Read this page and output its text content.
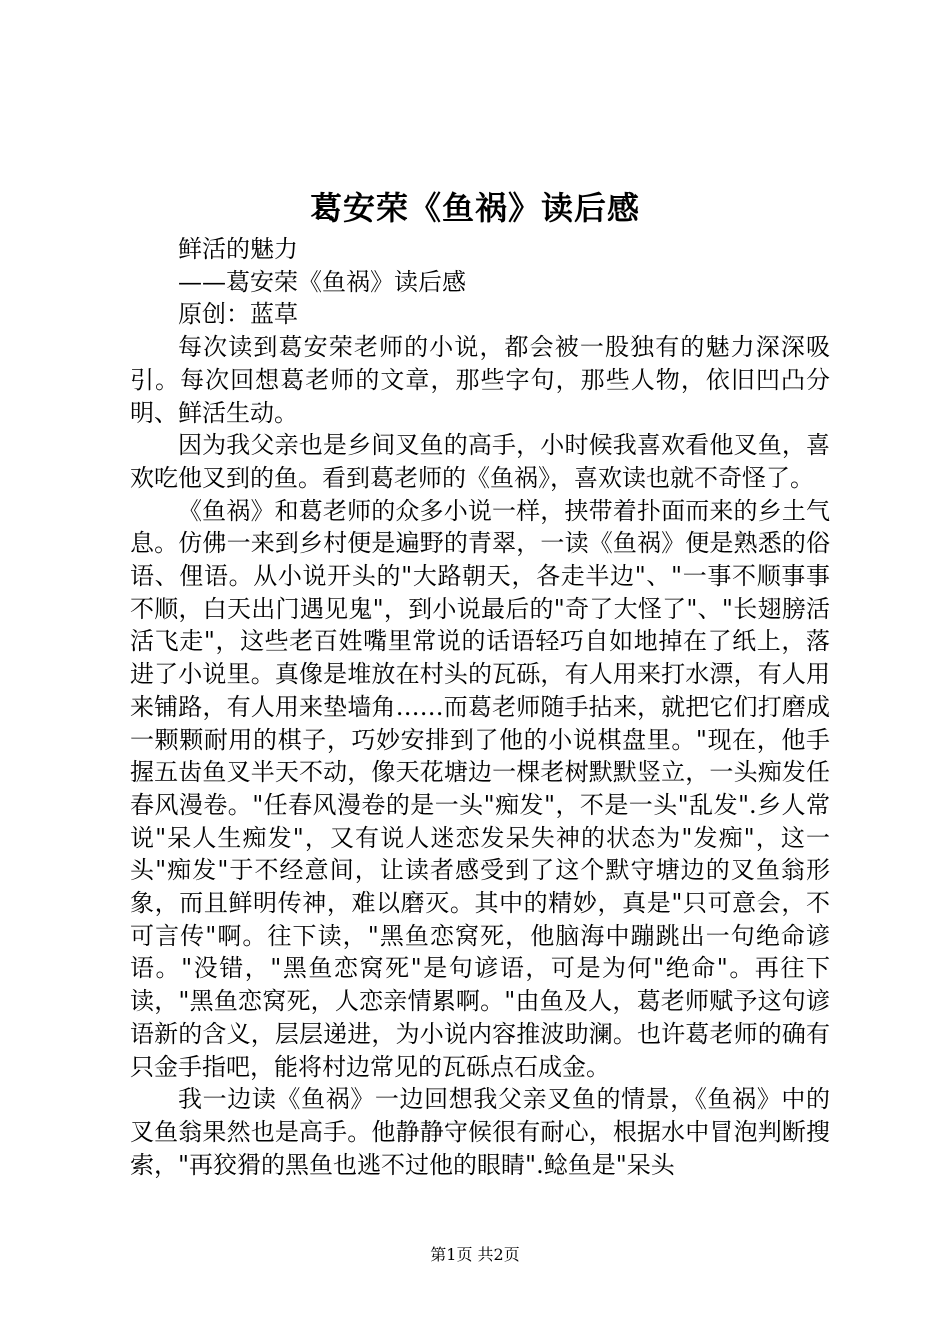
葛安荣《鱼祸》读后感

鲜活的魅力

——葛安荣《鱼祸》读后感

原创：蓝草

每次读到葛安荣老师的小说，都会被一股独有的魅力深深吸引。每次回想葛老师的文章，那些字句，那些人物，依旧凹凸分明、鲜活生动。

因为我父亲也是乡间叉鱼的高手，小时候我喜欢看他叉鱼，喜欢吃他叉到的鱼。看到葛老师的《鱼祸》，喜欢读也就不奇怪了。

《鱼祸》和葛老师的众多小说一样，挟带着扑面而来的乡土气息。仿佛一来到乡村便是遍野的青翠，一读《鱼祸》便是熟悉的俗语、俚语。从小说开头的"大路朝天，各走半边"、"一事不顺事事不顺，白天出门遇见鬼"，到小说最后的"奇了大怪了"、"长翅膀活活飞走"，这些老百姓嘴里常说的话语轻巧自如地掉在了纸上，落进了小说里。真像是堆放在村头的瓦砾，有人用来打水漂，有人用来铺路，有人用来垫墙角……而葛老师随手拈来，就把它们打磨成一颗颗耐用的棋子，巧妙安排到了他的小说棋盘里。"现在，他手握五齿鱼叉半天不动，像天花塘边一棵老树默默竖立，一头痴发任春风漫卷。"任春风漫卷的是一头"痴发"，不是一头"乱发".乡人常说"呆人生痴发"，又有说人迷恋发呆失神的状态为"发痴"，这一头"痴发"于不经意间，让读者感受到了这个默守塘边的叉鱼翁形象，而且鲜明传神，难以磨灭。其中的精妙，真是"只可意会，不可言传"啊。往下读，"黑鱼恋窝死，他脑海中蹦跳出一句绝命谚语。"没错，"黑鱼恋窝死"是句谚语，可是为何"绝命"。再往下读，"黑鱼恋窝死，人恋亲情累啊。"由鱼及人，葛老师赋予这句谚语新的含义，层层递进，为小说内容推波助澜。也许葛老师的确有只金手指吧，能将村边常见的瓦砾点石成金。

我一边读《鱼祸》一边回想我父亲叉鱼的情景，《鱼祸》中的叉鱼翁果然也是高手。他静静守候很有耐心，根据水中冒泡判断搜索，"再狡猾的黑鱼也逃不过他的眼睛".鲶鱼是"呆头

第1页 共2页
